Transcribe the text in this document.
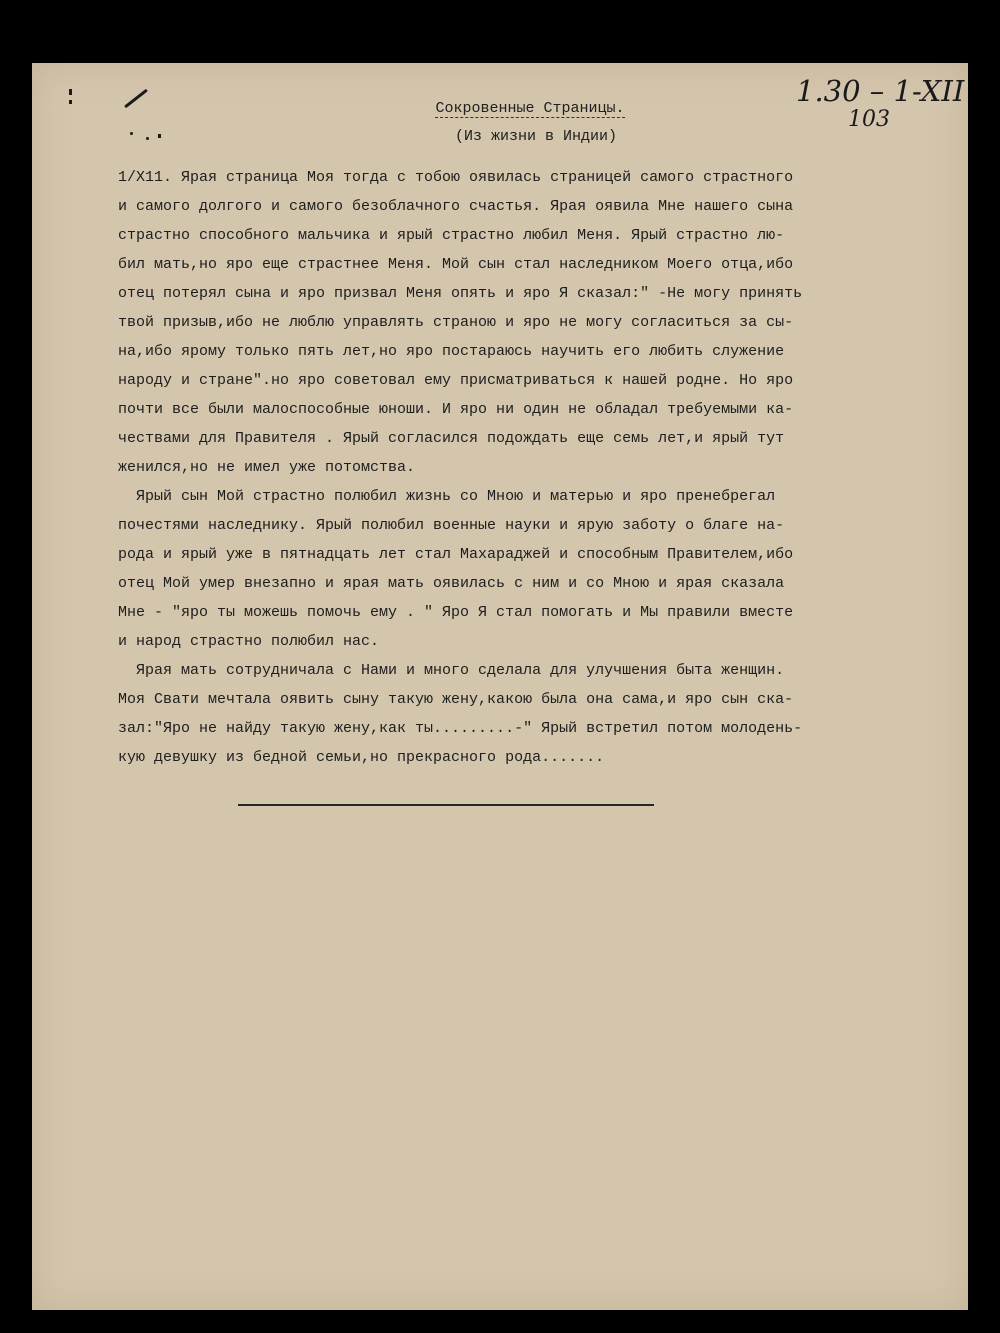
1.30 – 1-XII
103
Сокровенные Страницы.
(Из жизни в Индии)
1/X11. Ярая страница Моя тогда с тобою оявилась страницей самого страстного
и самого долгого и самого безоблачного счастья. Ярая оявила Мне нашего сына
страстно способного мальчика и ярый страстно любил Меня. Ярый страстно лю-
бил мать,но яро еще страстнее Меня. Мой сын стал наследником Моего отца,ибо
отец потерял сына и яро призвал Меня опять и яро Я сказал:" -Не могу принять
твой призыв,ибо не люблю управлять страною и яро не могу согласиться за сы-
на,ибо ярому только пять лет,но яро постараюсь научить его любить служение
народу и стране".но яро советовал ему присматриваться к нашей родне. Но яро
почти все были малоспособные юноши. И яро ни один не обладал требуемыми ка-
чествами для Правителя . Ярый согласился подождать еще семь лет,и ярый тут
женился,но не имел уже потомства.
Ярый сын Мой страстно полюбил жизнь со Мною и матерью и яро пренебрегал
почестями наследнику. Ярый полюбил военные науки и ярую заботу о благе на-
рода и ярый уже в пятнадцать лет стал Махараджей и способным Правителем,ибо
отец Мой умер внезапно и ярая мать оявилась с ним и со Мною и ярая сказала
Мне - "яро ты можешь помочь ему . " Яро Я стал помогать и Мы правили вместе
и народ страстно полюбил нас.
Ярая мать сотрудничала с Нами и много сделала для улучшения быта женщин.
Моя Свати мечтала оявить сыну такую жену,какою была она сама,и яро сын ска-
зал:"Яро не найду такую жену,как ты.........-" Ярый встретил потом молодень-
кую девушку из бедной семьи,но прекрасного рода.......
